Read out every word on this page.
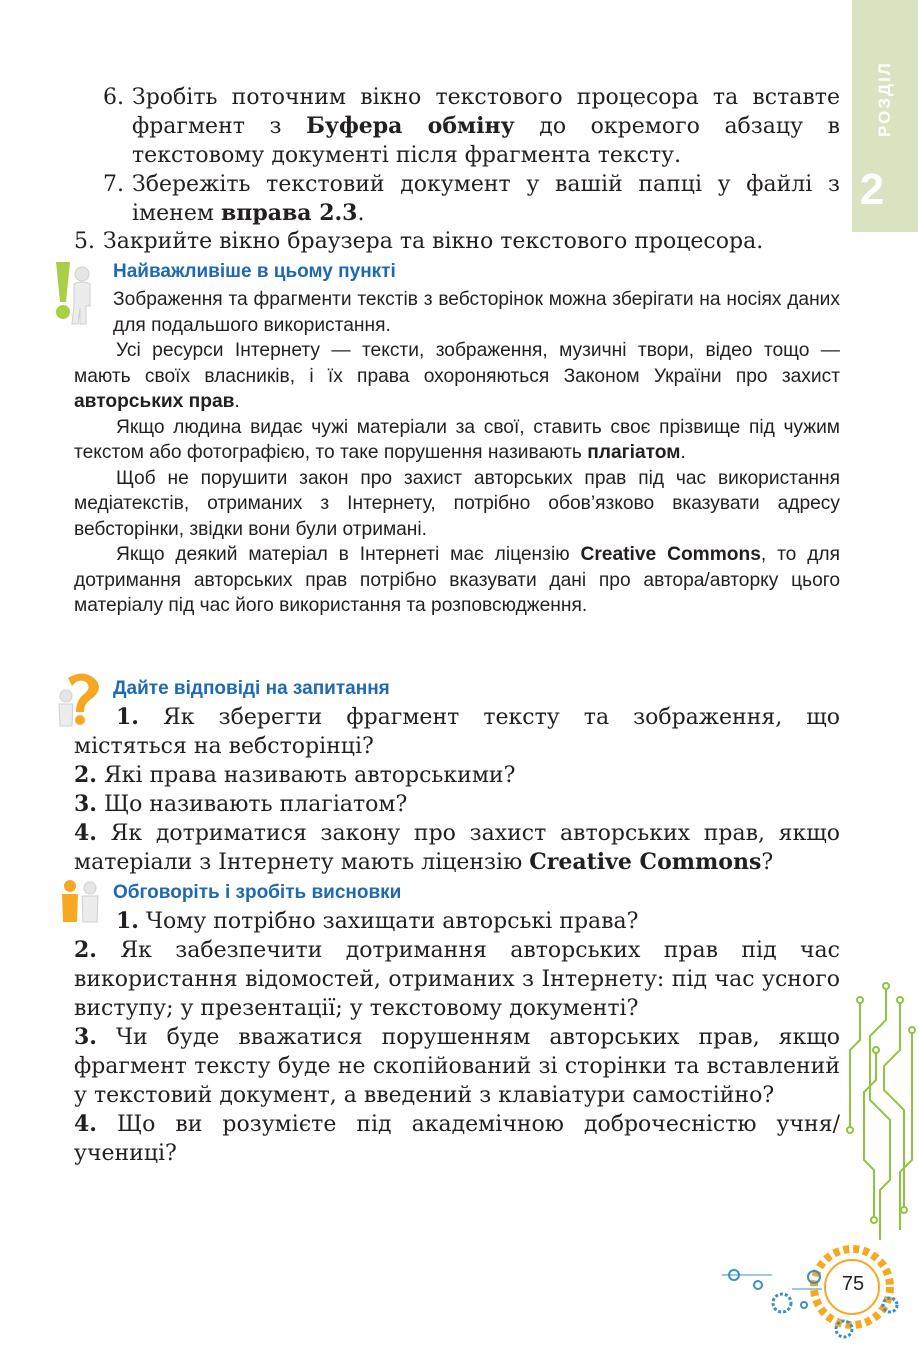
РОЗДІЛ
2
6. Зробіть поточним вікно текстового процесора та вставте фрагмент з Буфера обміну до окремого абзацу в текстовому документі після фрагмента тексту.
7. Збережіть текстовий документ у вашій папці у файлі з іменем вправа 2.3.
5. Закрийте вікно браузера та вікно текстового процесора.
Найважливіше в цьому пункті

Зображення та фрагменти текстів з вебсторінок можна зберігати на носіях даних для подальшого використання.

Усі ресурси Інтернету — тексти, зображення, музичні твори, відео тощо — мають своїх власників, і їх права охороняються Законом України про захист авторських прав.

Якщо людина видає чужі матеріали за свої, ставить своє прізвище під чужим текстом або фотографією, то таке порушення називають плагіатом.

Щоб не порушити закон про захист авторських прав під час використання медіатекстів, отриманих з Інтернету, потрібно обов’язково вказувати адресу вебсторінки, звідки вони були отримані.

Якщо деякий матеріал в Інтернеті має ліцензію Creative Commons, то для дотримання авторських прав потрібно вказувати дані про автора/авторку цього матеріалу під час його використання та розповсюдження.

Дайте відповіді на запитання

1. Як зберегти фрагмент тексту та зображення, що містяться на вебсторінці?

2. Які права називають авторськими?

3. Що називають плагіатом?

4. Як дотриматися закону про захист авторських прав, якщо матеріали з Інтернету мають ліцензію Creative Commons?

Обговоріть і зробіть висновки

1. Чому потрібно захищати авторські права?

2. Як забезпечити дотримання авторських прав під час використання відомостей, отриманих з Інтернету: під час усного виступу; у презентації; у текстовому документі?

3. Чи буде вважатися порушенням авторських прав, якщо фрагмент тексту буде не скопійований зі сторінки та вставлений у текстовий документ, а введений з клавіатури самостійно?

4. Що ви розумієте під академічною доброчесністю учня/учениці?

75
